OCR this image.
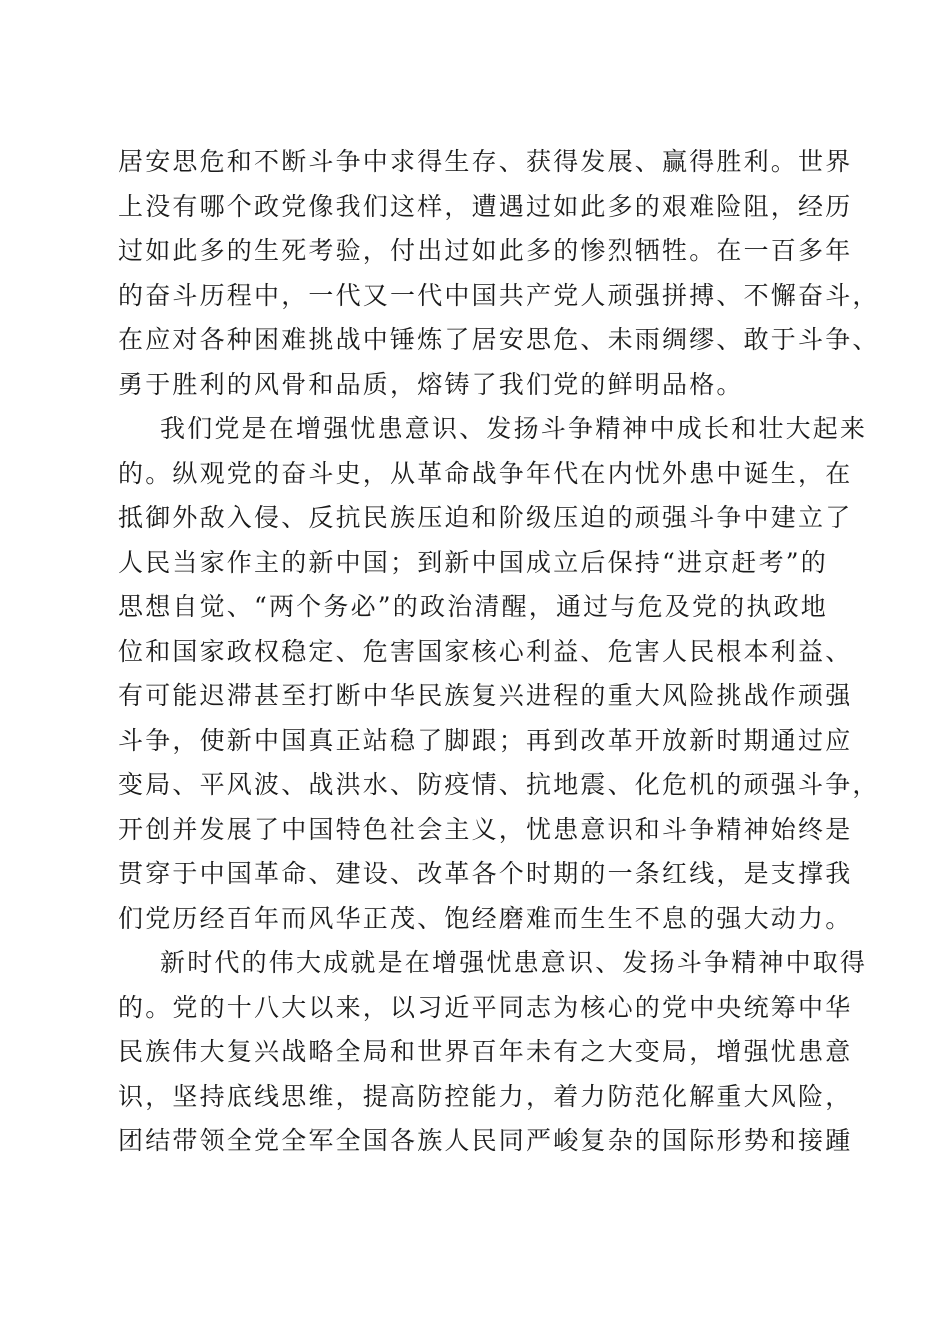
居安思危和不断斗争中求得生存、获得发展、赢得胜利。世界
上没有哪个政党像我们这样，遭遇过如此多的艰难险阻，经历
过如此多的生死考验，付出过如此多的惨烈牺牲。在一百多年
的奋斗历程中，一代又一代中国共产党人顽强拼搏、不懈奋斗，
在应对各种困难挑战中锤炼了居安思危、未雨绸缪、敢于斗争、
勇于胜利的风骨和品质，熔铸了我们党的鲜明品格。
我们党是在增强忧患意识、发扬斗争精神中成长和壮大起来
的。纵观党的奋斗史，从革命战争年代在内忧外患中诞生，在
抵御外敌入侵、反抗民族压迫和阶级压迫的顽强斗争中建立了
人民当家作主的新中国；到新中国成立后保持“进京赶考”的
思想自觉、“两个务必”的政治清醒，通过与危及党的执政地
位和国家政权稳定、危害国家核心利益、危害人民根本利益、
有可能迟滞甚至打断中华民族复兴进程的重大风险挑战作顽强
斗争，使新中国真正站稳了脚跟；再到改革开放新时期通过应
变局、平风波、战洪水、防疫情、抗地震、化危机的顽强斗争，
开创并发展了中国特色社会主义，忧患意识和斗争精神始终是
贯穿于中国革命、建设、改革各个时期的一条红线，是支撑我
们党历经百年而风华正茂、饱经磨难而生生不息的强大动力。
新时代的伟大成就是在增强忧患意识、发扬斗争精神中取得
的。党的十八大以来，以习近平同志为核心的党中央统筹中华
民族伟大复兴战略全局和世界百年未有之大变局，增强忧患意
识，坚持底线思维，提高防控能力，着力防范化解重大风险，
团结带领全党全军全国各族人民同严峻复杂的国际形势和接踵
